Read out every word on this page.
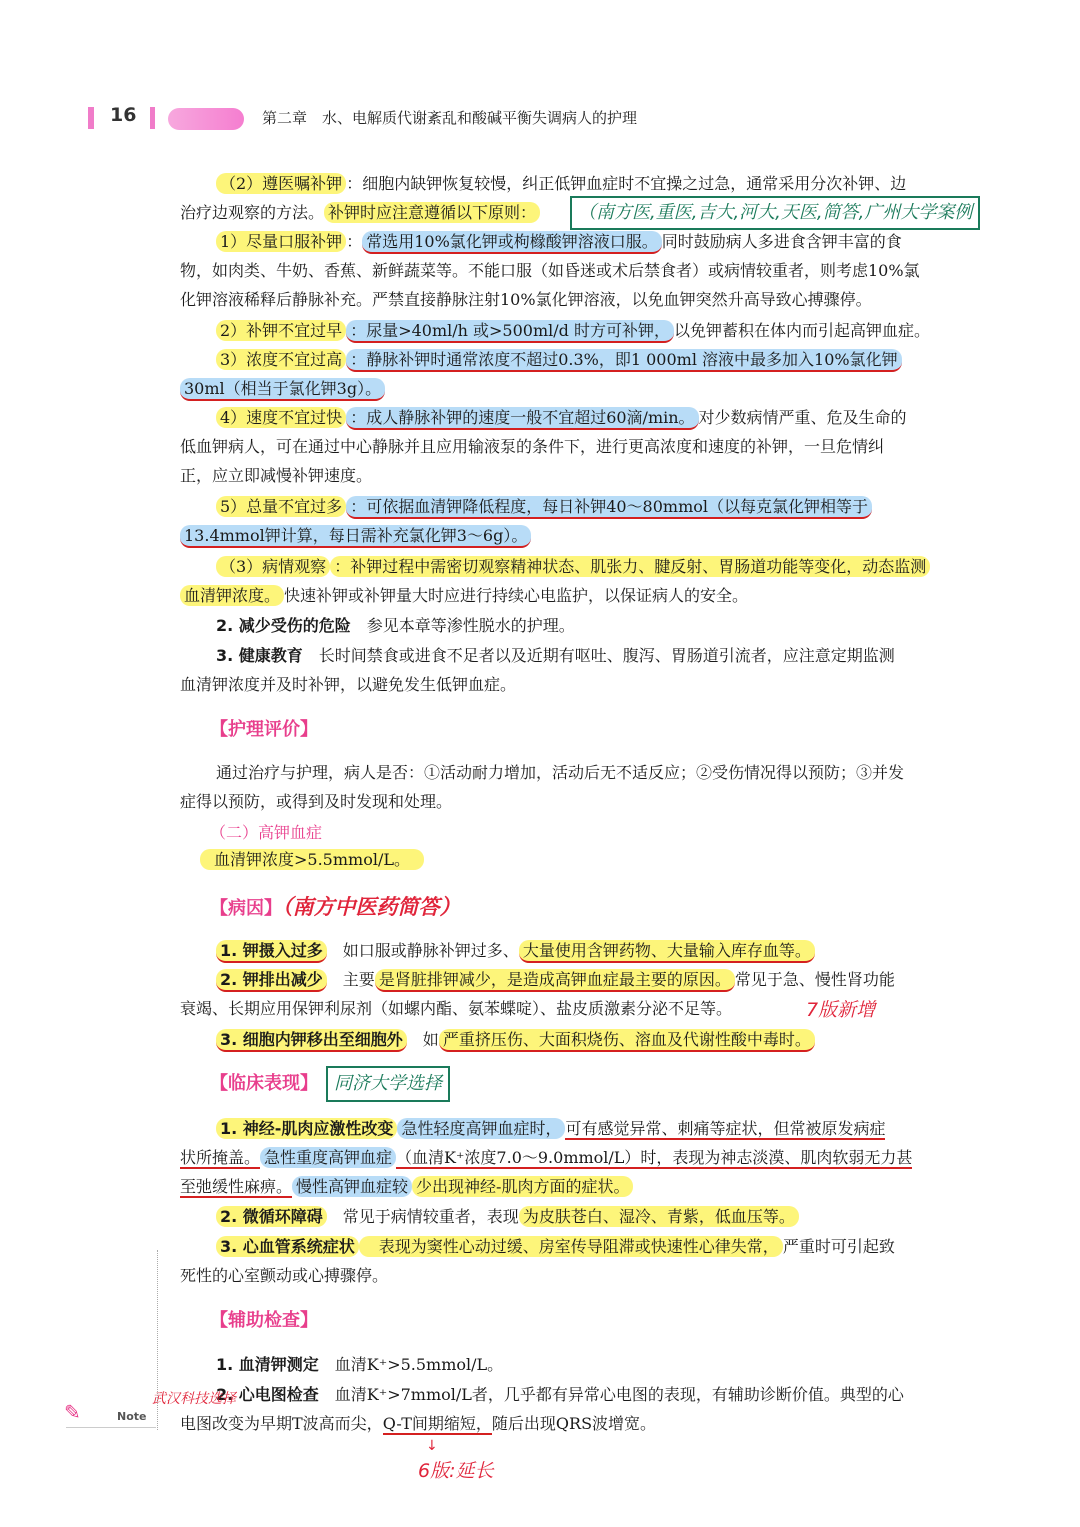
16	第二章　水、电解质代谢紊乱和酸碱平衡失调病人的护理
（2）遵医嘱补钾 ：细胞内缺钾恢复较慢，纠正低钾血症时不宜操之过急，通常采用分次补钾、边
治疗边观察的方法。 补钾时应注意遵循以下原则：	（南方医,重医,吉大,河大,天医,简答,广州大学案例
1）尽量口服补钾 ： 常选用10%氯化钾或枸橼酸钾溶液口服。 同时鼓励病人多进食含钾丰富的食
物，如肉类、牛奶、香蕉、新鲜蔬菜等。不能口服（如昏迷或术后禁食者）或病情较重者，则考虑10%氯
化钾溶液稀释后静脉补充。严禁直接静脉注射10%氯化钾溶液，以免血钾突然升高导致心搏骤停。
2）补钾不宜过早 ：尿量>40ml/h 或>500ml/d 时方可补钾， 以免钾蓄积在体内而引起高钾血症。
3）浓度不宜过高 ：静脉补钾时通常浓度不超过0.3%，即1 000ml 溶液中最多加入10%氯化钾
30ml（相当于氯化钾3g）。
4）速度不宜过快 ：成人静脉补钾的速度一般不宜超过60滴/min。 对少数病情严重、危及生命的
低血钾病人，可在通过中心静脉并且应用输液泵的条件下，进行更高浓度和速度的补钾，一旦危情纠
正，应立即减慢补钾速度。
5）总量不宜过多 ：可依据血清钾降低程度，每日补钾40～80mmol（以每克氯化钾相等于
13.4mmol钾计算，每日需补充氯化钾3～6g）。
（3）病情观察 ：补钾过程中需密切观察精神状态、肌张力、腱反射、胃肠道功能等变化，动态监测
血清钾浓度。 快速补钾或补钾量大时应进行持续心电监护，以保证病人的安全。
2. 减少受伤的危险　参见本章等渗性脱水的护理。
3. 健康教育　长时间禁食或进食不足者以及近期有呕吐、腹泻、胃肠道引流者，应注意定期监测
血清钾浓度并及时补钾，以避免发生低钾血症。
【护理评价】
通过治疗与护理，病人是否：①活动耐力增加，活动后无不适反应；②受伤情况得以预防；③并发
症得以预防，或得到及时发现和处理。
（二）高钾血症
血清钾浓度>5.5mmol/L。
【病因】（南方中医药简答）
1. 钾摄入过多　如口服或静脉补钾过多、 大量使用含钾药物、大量输入库存血等。
2. 钾排出减少　主要 是肾脏排钾减少，是造成高钾血症最主要的原因。 常见于急、慢性肾功能
衰竭、长期应用保钾利尿剂（如螺内酯、氨苯蝶啶）、盐皮质激素分泌不足等。	7版新增
3. 细胞内钾移出至细胞外　如 严重挤压伤、大面积烧伤、溶血及代谢性酸中毒时。
【临床表现】 同济大学选择
1. 神经-肌肉应激性改变 急性轻度高钾血症时， 可有感觉异常、刺痛等症状，但常被原发病症
状所掩盖。 急性重度高钾血症 （血清K⁺浓度7.0～9.0mmol/L）时，表现为神志淡漠、肌肉软弱无力甚
至弛缓性麻痹。 慢性高钾血症较 少出现神经-肌肉方面的症状。
2. 微循环障碍　常见于病情较重者，表现 为皮肤苍白、湿冷、青紫，低血压等。
3. 心血管系统症状　表现为窦性心动过缓、房室传导阻滞或快速性心律失常， 严重时可引起致
死性的心室颤动或心搏骤停。
【辅助检查】
1. 血清钾测定　血清K⁺>5.5mmol/L。
2. 心电图检查　血清K⁺>7mmol/L者，几乎都有异常心电图的表现，有辅助诊断价值。典型的心
电图改变为早期T波高而尖，Q-T间期缩短，随后出现QRS波增宽。
武汉科技选择
↓
6版:延长
✎	Note
